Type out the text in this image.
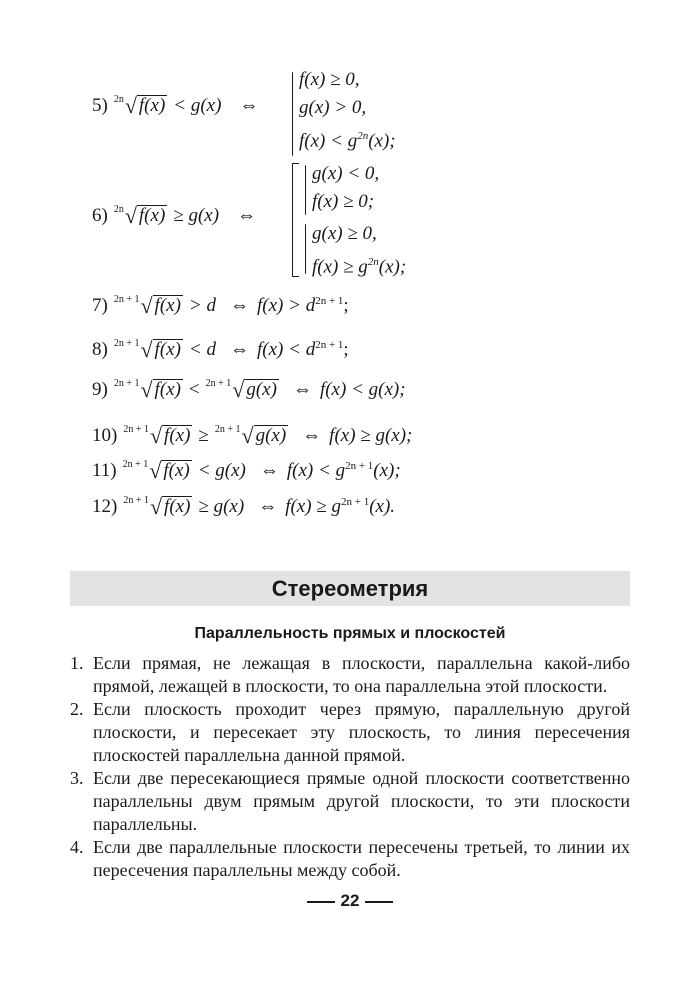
5) 2n √ f(x) < g(x) ⇔
f(x) ≥ 0,
g(x) > 0,
$f(x) < g^{2n}(x)$;
6) 2n √ f(x) ≥ g(x) ⇔
g(x) < 0,
f(x) ≥ 0;
g(x) ≥ 0,
$f(x) \ge g^{2n}(x)$;
7) 2n + 1 √ f(x) > d ⇔ $f(x) > d^{2n + 1}$ ;
8) 2n + 1 √ f(x) < d ⇔ $f(x) < d^{2n + 1}$ ;
9) 2n + 1 √ f(x) < 2n + 1 √ g(x) ⇔ f(x) < g(x);
10) 2n + 1 √ f(x) ≥ 2n + 1 √ g(x) ⇔ f(x) ≥ g(x);
11) 2n + 1 √ f(x) < g(x) ⇔ $f(x) < g^{2n + 1}$ (x);
12) 2n + 1 √ f(x) ≥ g(x) ⇔ $f(x) \ge g^{2n + 1}$ (x).
Стереометрия
Параллельность прямых и плоскостей
1. Если прямая, не лежащая в плоскости, параллельна какой-либо прямой, лежащей в плоскости, то она параллельна этой плоскости.
2. Если плоскость проходит через прямую, параллельную другой плоскости, и пересекает эту плоскость, то линия пересечения плоскостей параллельна данной прямой.
3. Если две пересекающиеся прямые одной плоскости соответственно параллельны двум прямым другой плоскости, то эти плоскости параллельны.
4. Если две параллельные плоскости пересечены третьей, то линии их пересечения параллельны между собой.
22
